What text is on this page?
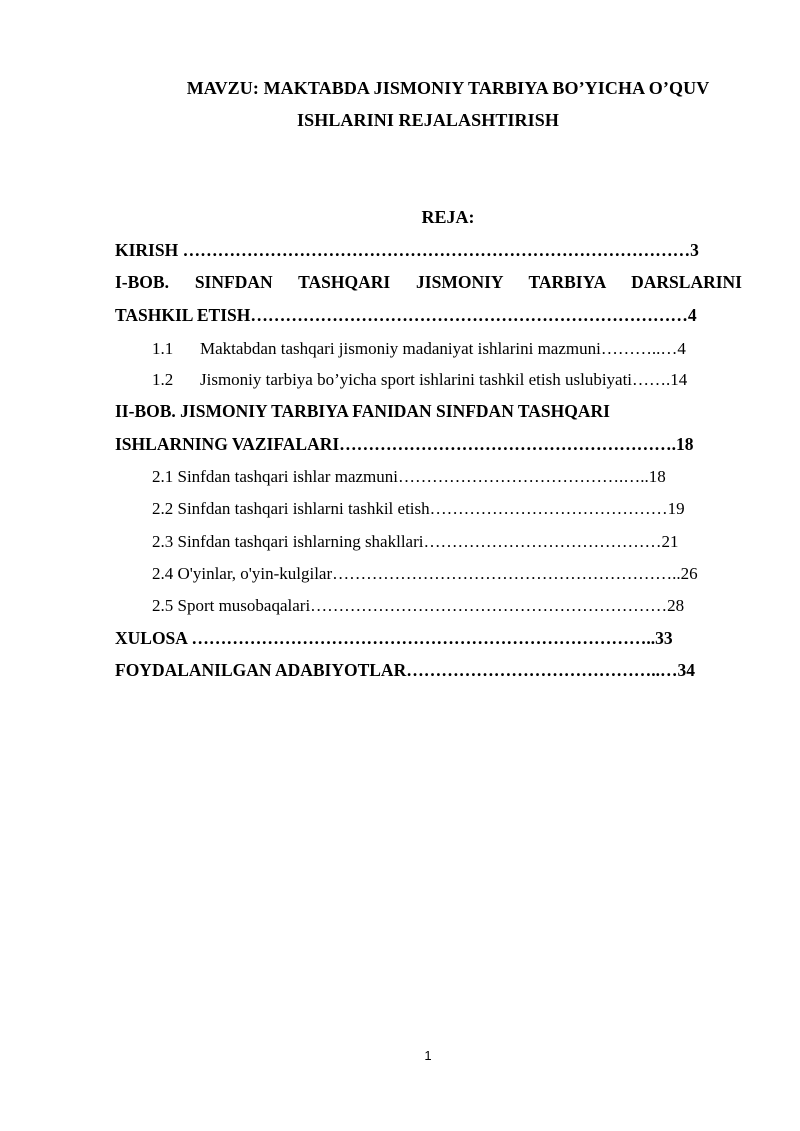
MAVZU: MAKTABDA JISMONIY TARBIYA BO’YICHA O’QUV
ISHLARINI REJALASHTIRISH
REJA:
KIRISH ……………………………………………………………………………3
I-BOB. SINFDAN TASHQARI JISMONIY TARBIYA DARSLARINI
TASHKIL ETISH…………………………………………………………………4
1.1 Maktabdan tashqari jismoniy madaniyat ishlarini mazmuni………..…4
1.2 Jismoniy tarbiya bo’yicha sport ishlarini tashkil etish uslubiyati…….14
II-BOB. JISMONIY TARBIYA FANIDAN SINFDAN TASHQARI
ISHLARNING VAZIFALARI………………………………………………….18
2.1 Sinfdan tashqari ishlar mazmuni………………………………….…..18
2.2 Sinfdan tashqari ishlarni tashkil etish……………………………………19
2.3 Sinfdan tashqari ishlarning shakllari……………………………………21
2.4 O'yinlar, o'yin-kulgilar……………………………………………………..26
2.5 Sport musobaqalari………………………………………………………28
XULOSA ……………………………………………………………………..33
FOYDALANILGAN ADABIYOTLAR……………………………………..…34
1
